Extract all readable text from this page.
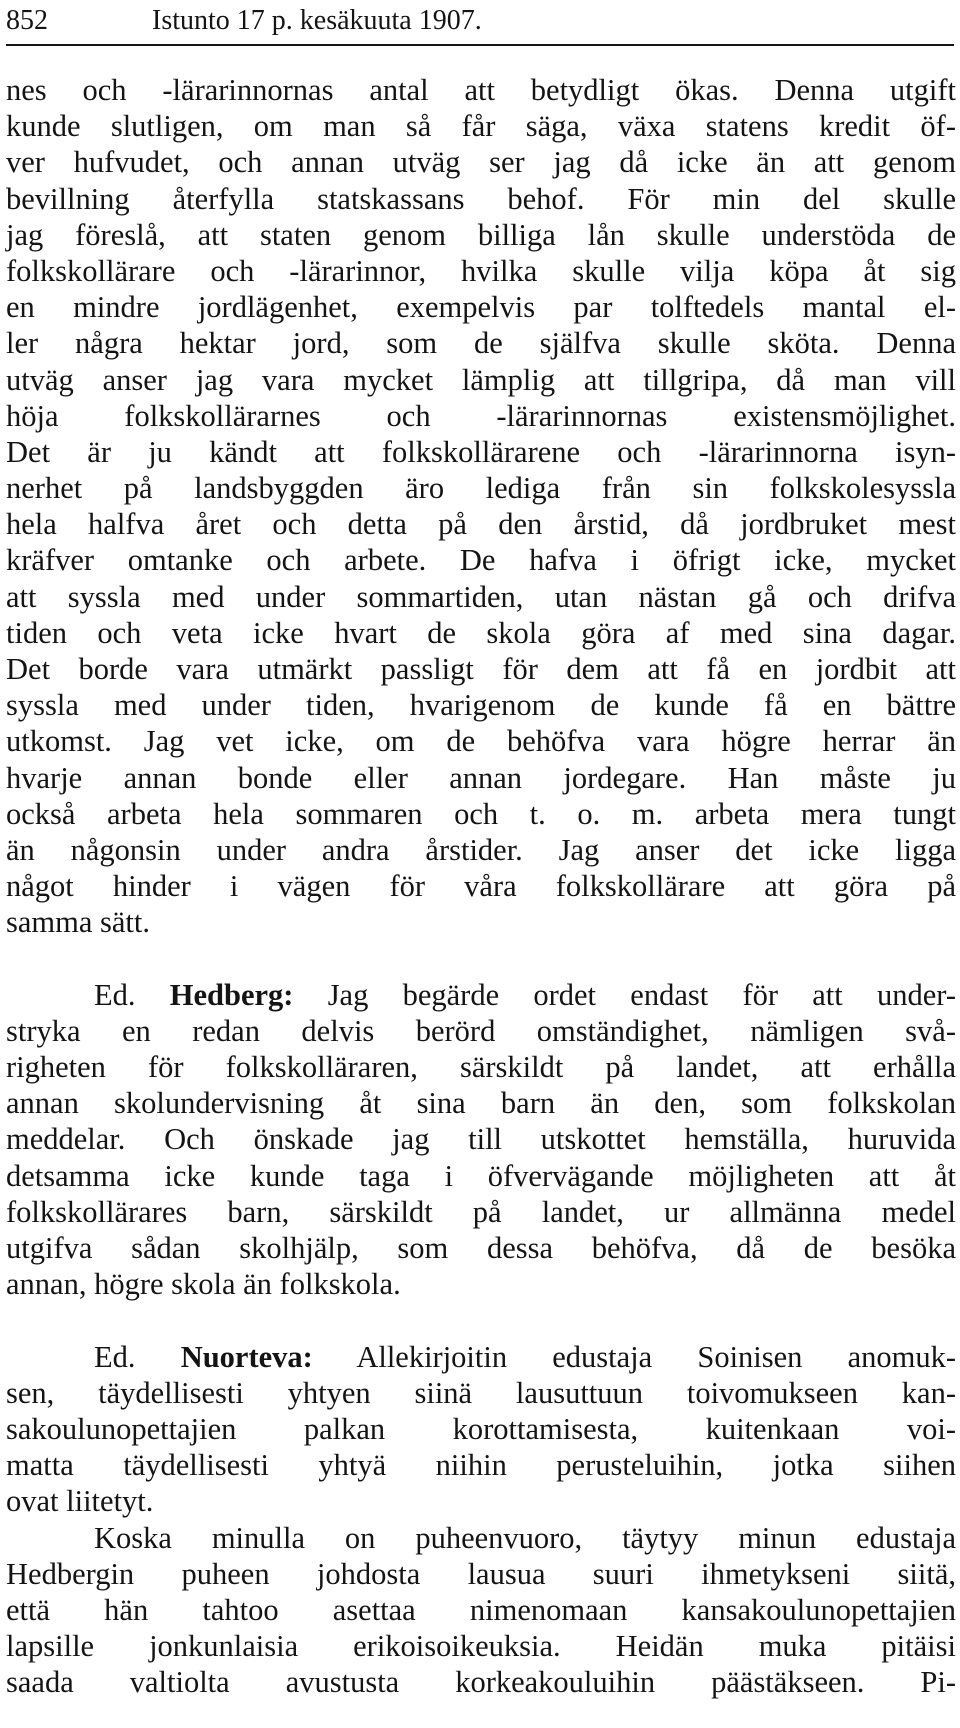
852	Istunto 17 p. kesäkuuta 1907.
nes och -lärarinnornas antal att betydligt ökas. Denna utgift
kunde slutligen, om man så får säga, växa statens kredit öf-
ver hufvudet, och annan utväg ser jag då icke än att genom
bevillning återfylla statskassans behof. För min del skulle
jag föreslå, att staten genom billiga lån skulle understöda de
folkskollärare och -lärarinnor, hvilka skulle vilja köpa åt sig
en mindre jordlägenhet, exempelvis par tolftedels mantal el-
ler några hektar jord, som de själfva skulle sköta. Denna
utväg anser jag vara mycket lämplig att tillgripa, då man vill
höja folkskollärarnes och -lärarinnornas existensmöjlighet.
Det är ju kändt att folkskollärarene och -lärarinnorna isyn-
nerhet på landsbyggden äro lediga från sin folkskolesyssla
hela halfva året och detta på den årstid, då jordbruket mest
kräfver omtanke och arbete. De hafva i öfrigt icke, mycket
att syssla med under sommartiden, utan nästan gå och drifva
tiden och veta icke hvart de skola göra af med sina dagar.
Det borde vara utmärkt passligt för dem att få en jordbit att
syssla med under tiden, hvarigenom de kunde få en bättre
utkomst. Jag vet icke, om de behöfva vara högre herrar än
hvarje annan bonde eller annan jordegare. Han måste ju
också arbeta hela sommaren och t. o. m. arbeta mera tungt
än någonsin under andra årstider. Jag anser det icke ligga
något hinder i vägen för våra folkskollärare att göra på
samma sätt.
Ed. Hedberg: Jag begärde ordet endast för att under-
stryka en redan delvis berörd omständighet, nämligen svå-
righeten för folkskolläraren, särskildt på landet, att erhålla
annan skolundervisning åt sina barn än den, som folkskolan
meddelar. Och önskade jag till utskottet hemställa, huruvida
detsamma icke kunde taga i öfvervägande möjligheten att åt
folkskollärares barn, särskildt på landet, ur allmänna medel
utgifva sådan skolhjälp, som dessa behöfva, då de besöka
annan, högre skola än folkskola.
Ed. Nuorteva: Allekirjoitin edustaja Soinisen anomuk-
sen, täydellisesti yhtyen siinä lausuttuun toivomukseen kan-
sakoulunopettajien palkan korottamisesta, kuitenkaan voi-
matta täydellisesti yhtyä niihin perusteluihin, jotka siihen
ovat liitetyt.
Koska minulla on puheenvuoro, täytyy minun edustaja
Hedbergin puheen johdosta lausua suuri ihmetykseni siitä,
että hän tahtoo asettaa nimenomaan kansakoulunopettajien
lapsille jonkunlaisia erikoisoikeuksia. Heidän muka pitäisi
saada valtiolta avustusta korkeakouluihin päästäkseen. Pi-
